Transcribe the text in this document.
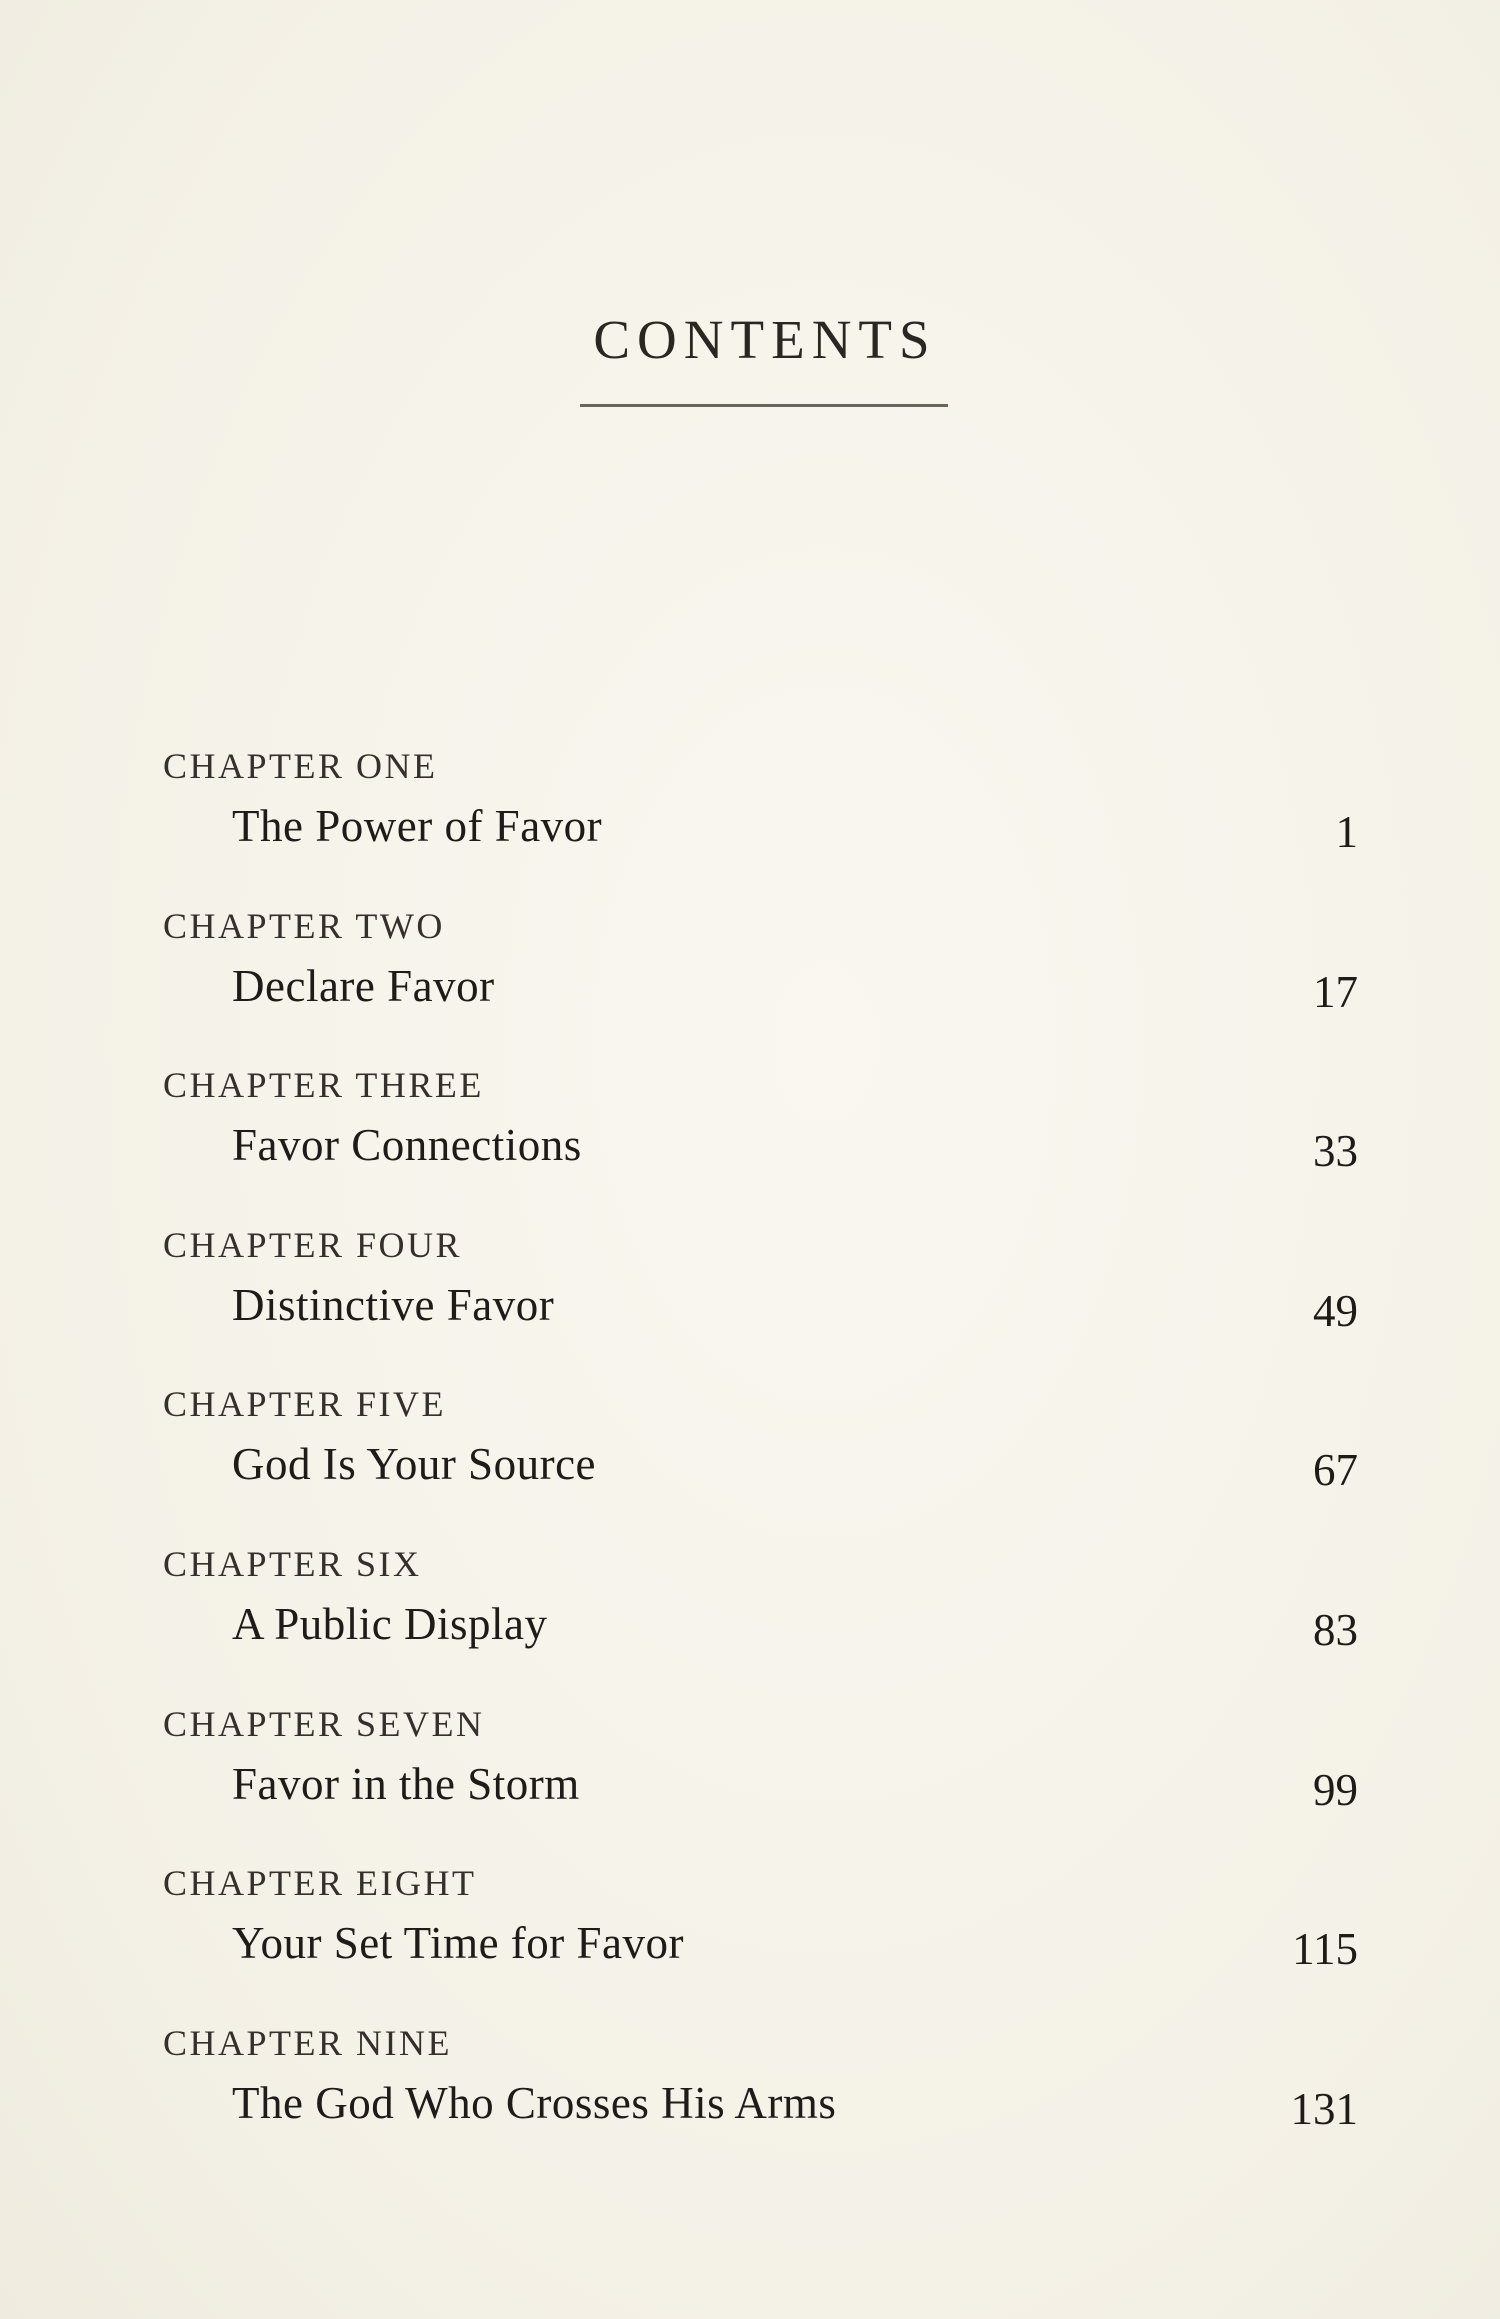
CONTENTS
CHAPTER ONE
The Power of Favor	1
CHAPTER TWO
Declare Favor	17
CHAPTER THREE
Favor Connections	33
CHAPTER FOUR
Distinctive Favor	49
CHAPTER FIVE
God Is Your Source	67
CHAPTER SIX
A Public Display	83
CHAPTER SEVEN
Favor in the Storm	99
CHAPTER EIGHT
Your Set Time for Favor	115
CHAPTER NINE
The God Who Crosses His Arms	131
